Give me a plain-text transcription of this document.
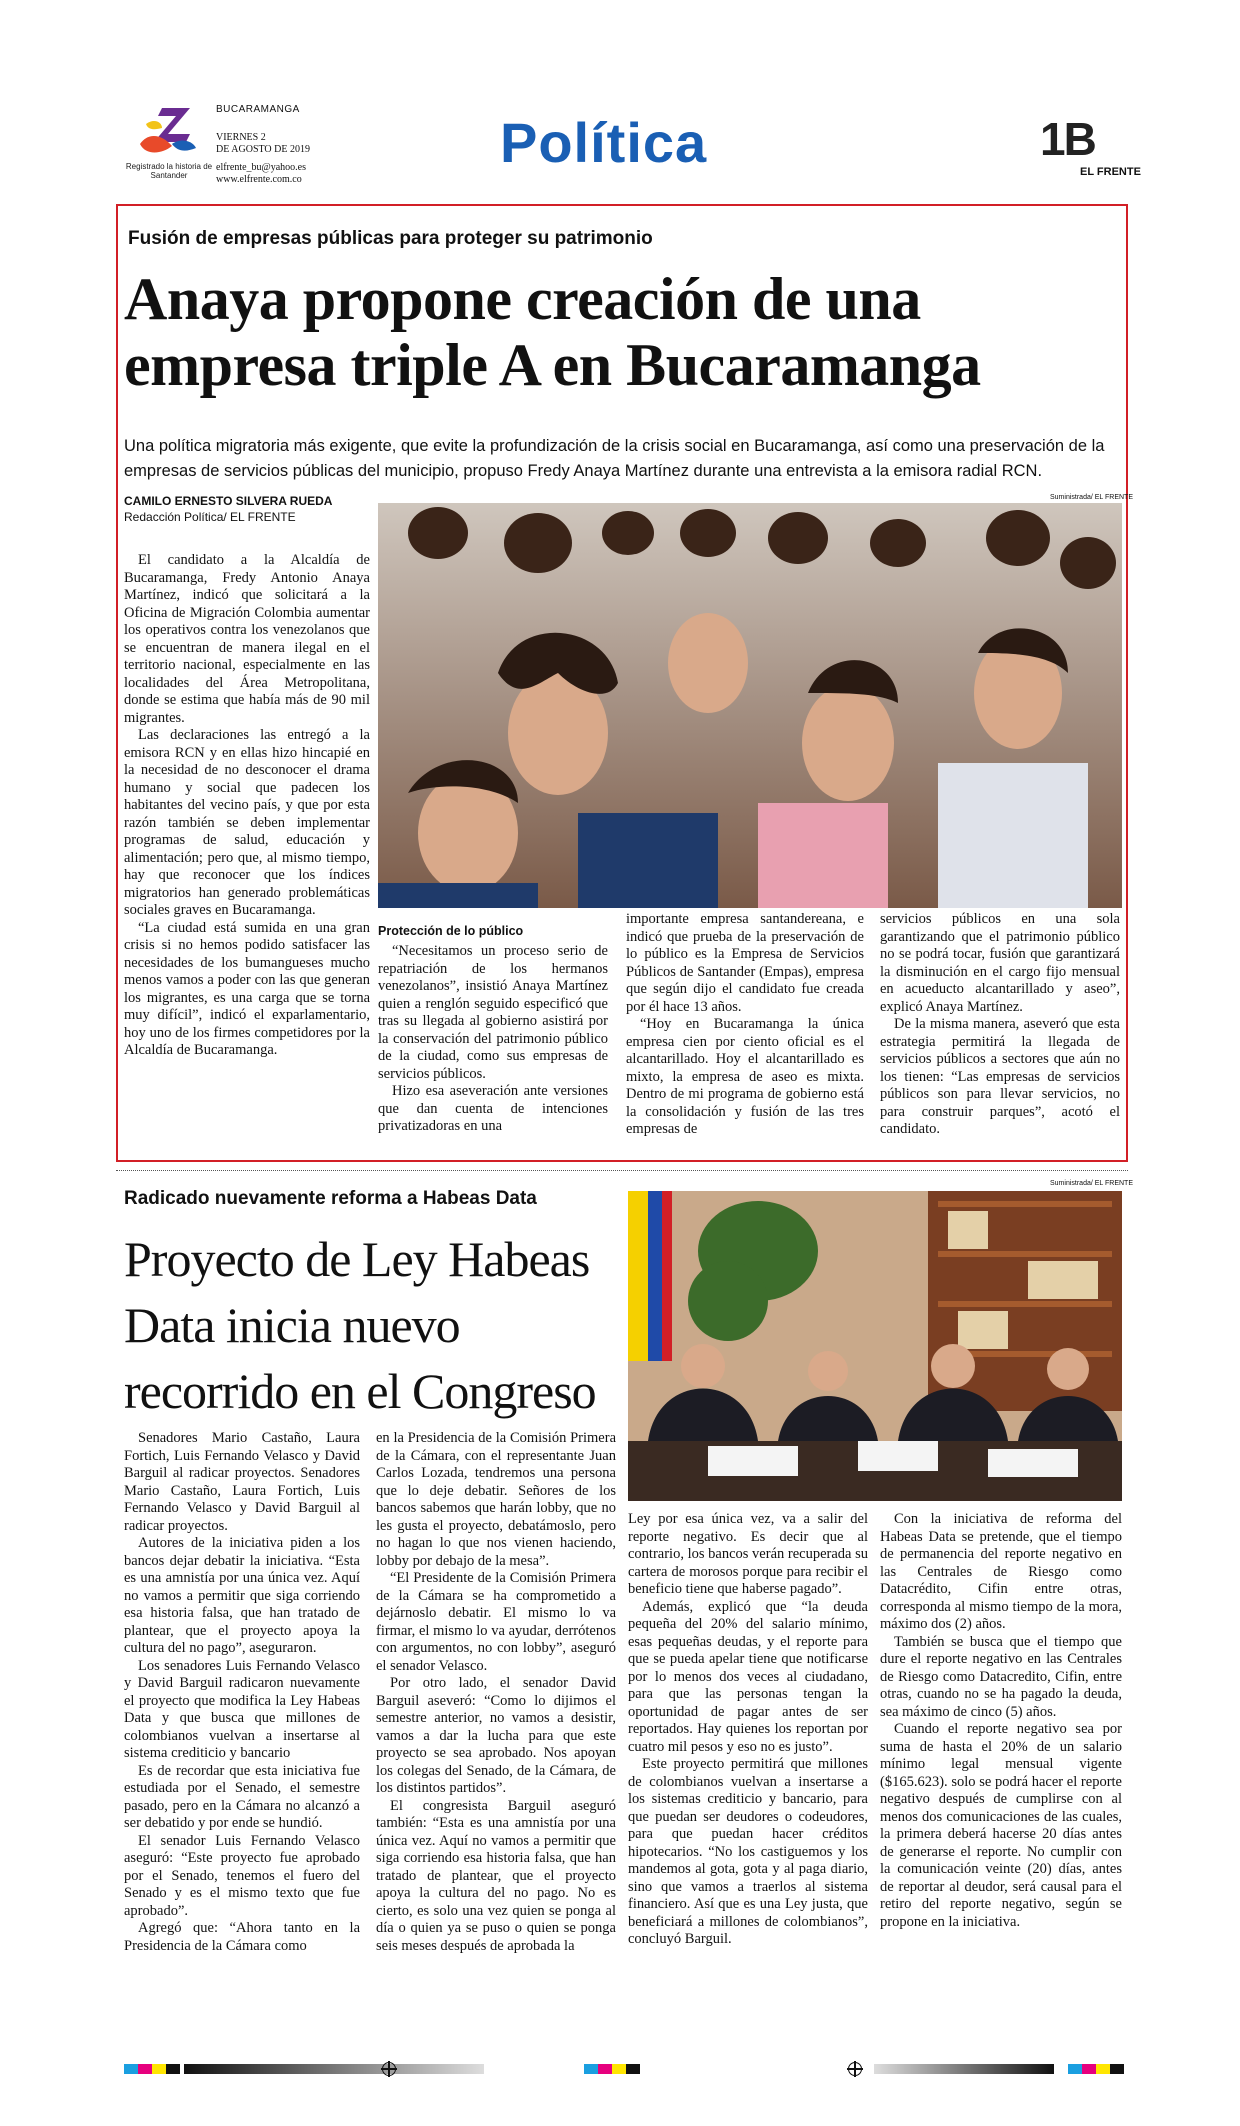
Registrado la historia de Santander
BUCARAMANGA
VIERNES 2
DE AGOSTO DE 2019
elfrente_bu@yahoo.es
www.elfrente.com.co
Política	1B
EL FRENTE
Fusión de empresas públicas para proteger su patrimonio
Anaya propone creación de una
empresa triple A en Bucaramanga
Una política migratoria más exigente, que evite la profundización de la crisis social en Bucaramanga, así como una preservación de la empresas de servicios públicas del municipio, propuso Fredy Anaya Martínez durante una entrevista a la emisora radial RCN.
CAMILO ERNESTO SILVERA RUEDA
Redacción Política/ EL FRENTE
Suministrada/ EL FRENTE

El candidato a la Alcaldía de Bucaramanga, Fredy Antonio Anaya Martínez, indicó que solicitará a la Oficina de Migración Colombia aumentar los operativos contra los venezolanos que se encuentran de manera ilegal en el territorio nacional, especialmente en las localidades del Área Metropolitana, donde se estima que había más de 90 mil migrantes.

Las declaraciones las entregó a la emisora RCN y en ellas hizo hincapié en la necesidad de no desconocer el drama humano y social que padecen los habitantes del vecino país, y que por esta razón también se deben implementar programas de salud, educación y alimentación; pero que, al mismo tiempo, hay que reconocer que los índices migratorios han generado problemáticas sociales graves en Bucaramanga.

“La ciudad está sumida en una gran crisis si no hemos podido satisfacer las necesidades de los bumangueses mucho menos vamos a poder con las que generan los migrantes, es una carga que se torna muy difícil”, indicó el exparlamentario, hoy uno de los firmes competidores por la Alcaldía de Bucaramanga.

Protección de lo público

“Necesitamos un proceso serio de repatriación de los hermanos venezolanos”, insistió Anaya Martínez quien a renglón seguido especificó que tras su llegada al gobierno asistirá por la conservación del patrimonio público de la ciudad, como sus empresas de servicios públicos.

Hizo esa aseveración ante versiones que dan cuenta de intenciones privatizadoras en una

importante empresa santandereana, e indicó que prueba de la preservación de lo público es la Empresa de Servicios Públicos de Santander (Empas), empresa que según dijo el candidato fue creada por él hace 13 años.

“Hoy en Bucaramanga la única empresa cien por ciento oficial es el alcantarillado. Hoy el alcantarillado es mixto, la empresa de aseo es mixta. Dentro de mi programa de gobierno está la consolidación y fusión de las tres empresas de

servicios públicos en una sola garantizando que el patrimonio público no se podrá tocar, fusión que garantizará la disminución en el cargo fijo mensual en acueducto alcantarillado y aseo”, explicó Anaya Martínez.

De la misma manera, aseveró que esta estrategia permitirá la llegada de servicios públicos a sectores que aún no los tienen: “Las empresas de servicios públicos son para llevar servicios, no para construir parques”, acotó el candidato.

Radicado nuevamente reforma a Habeas Data
Proyecto de Ley Habeas
Data inicia nuevo
recorrido en el Congreso
Suministrada/ EL FRENTE

Senadores Mario Castaño, Laura Fortich, Luis Fernando Velasco y David Barguil al radicar proyectos. Senadores Mario Castaño, Laura Fortich, Luis Fernando Velasco y David Barguil al radicar proyectos.

Autores de la iniciativa piden a los bancos dejar debatir la iniciativa. “Esta es una amnistía por una única vez. Aquí no vamos a permitir que siga corriendo esa historia falsa, que han tratado de plantear, que el proyecto apoya la cultura del no pago”, aseguraron.

Los senadores Luis Fernando Velasco y David Barguil radicaron nuevamente el proyecto que modifica la Ley Habeas Data y que busca que millones de colombianos vuelvan a insertarse al sistema crediticio y bancario

Es de recordar que esta iniciativa fue estudiada por el Senado, el semestre pasado, pero en la Cámara no alcanzó a ser debatido y por ende se hundió.

El senador Luis Fernando Velasco aseguró: “Este proyecto fue aprobado por el Senado, tenemos el fuero del Senado y es el mismo texto que fue aprobado”.

Agregó que: “Ahora tanto en la Presidencia de la Cámara como

en la Presidencia de la Comisión Primera de la Cámara, con el representante Juan Carlos Lozada, tendremos una persona que lo deje debatir. Señores de los bancos sabemos que harán lobby, que no les gusta el proyecto, debatámoslo, pero no hagan lo que nos vienen haciendo, lobby por debajo de la mesa”.

“El Presidente de la Comisión Primera de la Cámara se ha comprometido a dejárnoslo debatir. El mismo lo va firmar, el mismo lo va ayudar, derrótenos con argumentos, no con lobby”, aseguró el senador Velasco.

Por otro lado, el senador David Barguil aseveró: “Como lo dijimos el semestre anterior, no vamos a desistir, vamos a dar la lucha para que este proyecto se sea aprobado. Nos apoyan los colegas del Senado, de la Cámara, de los distintos partidos”.

El congresista Barguil aseguró también: “Esta es una amnistía por una única vez. Aquí no vamos a permitir que siga corriendo esa historia falsa, que han tratado de plantear, que el proyecto apoya la cultura del no pago. No es cierto, es solo una vez quien se ponga al día o quien ya se puso o quien se ponga seis meses después de aprobada la

Ley por esa única vez, va a salir del reporte negativo. Es decir que al contrario, los bancos verán recuperada su cartera de morosos porque para recibir el beneficio tiene que haberse pagado”.

Además, explicó que “la deuda pequeña del 20% del salario mínimo, esas pequeñas deudas, y el reporte para que se pueda apelar tiene que notificarse por lo menos dos veces al ciudadano, para que las personas tengan la oportunidad de pagar antes de ser reportados. Hay quienes los reportan por cuatro mil pesos y eso no es justo”.

Este proyecto permitirá que millones de colombianos vuelvan a insertarse a los sistemas crediticio y bancario, para que puedan ser deudores o codeudores, para que puedan hacer créditos hipotecarios. “No los castiguemos y los mandemos al gota, gota y al paga diario, sino que vamos a traerlos al sistema financiero. Así que es una Ley justa, que beneficiará a millones de colombianos”, concluyó Barguil.

Con la iniciativa de reforma del Habeas Data se pretende, que el tiempo de permanencia del reporte negativo en las Centrales de Riesgo como Datacrédito, Cifin entre otras, corresponda al mismo tiempo de la mora, máximo dos (2) años.

También se busca que el tiempo que dure el reporte negativo en las Centrales de Riesgo como Datacredito, Cifin, entre otras, cuando no se ha pagado la deuda, sea máximo de cinco (5) años.

Cuando el reporte negativo sea por suma de hasta el 20% de un salario mínimo legal mensual vigente ($165.623). solo se podrá hacer el reporte negativo después de cumplirse con al menos dos comunicaciones de las cuales, la primera deberá hacerse 20 días antes de generarse el reporte. No cumplir con la comunicación veinte (20) días, antes de reportar al deudor, será causal para el retiro del reporte negativo, según se propone en la iniciativa.
